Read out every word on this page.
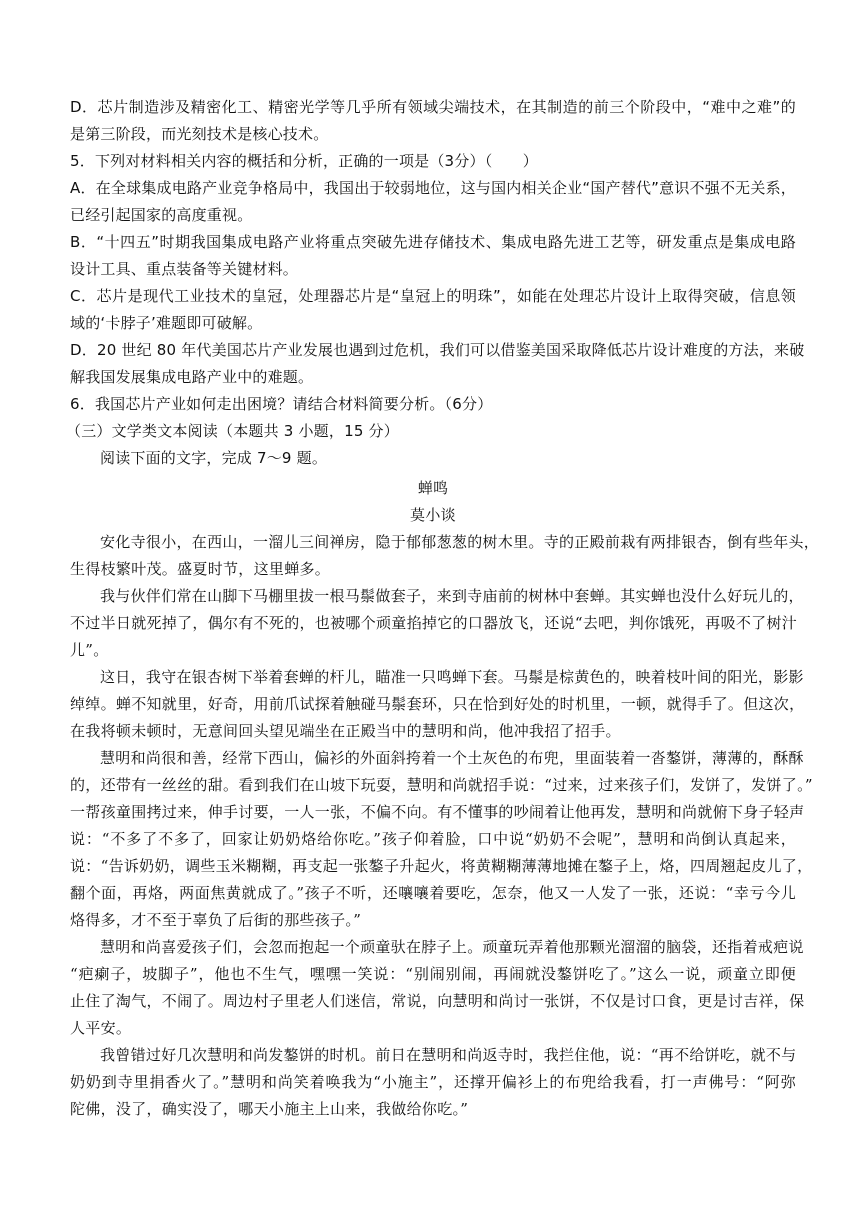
D．芯片制造涉及精密化工、精密光学等几乎所有领域尖端技术，在其制造的前三个阶段中，“难中之难”的
是第三阶段，而光刻技术是核心技术。
5．下列对材料相关内容的概括和分析，正确的一项是（3分）（　　）
A．在全球集成电路产业竞争格局中，我国出于较弱地位，这与国内相关企业“国产替代”意识不强不无关系，
已经引起国家的高度重视。
B．“十四五”时期我国集成电路产业将重点突破先进存储技术、集成电路先进工艺等，研发重点是集成电路
设计工具、重点装备等关键材料。
C．芯片是现代工业技术的皇冠，处理器芯片是“皇冠上的明珠”，如能在处理芯片设计上取得突破，信息领
域的‘卡脖子’难题即可破解。
D．20 世纪 80 年代美国芯片产业发展也遇到过危机，我们可以借鉴美国采取降低芯片设计难度的方法，来破
解我国发展集成电路产业中的难题。
6．我国芯片产业如何走出困境？请结合材料简要分析。（6分）
（三）文学类文本阅读（本题共 3 小题，15 分）
阅读下面的文字，完成 7～9 题。
蝉鸣
莫小谈
安化寺很小，在西山，一溜儿三间禅房，隐于郁郁葱葱的树木里。寺的正殿前栽有两排银杏，倒有些年头，
生得枝繁叶茂。盛夏时节，这里蝉多。
我与伙伴们常在山脚下马棚里拔一根马鬃做套子，来到寺庙前的树林中套蝉。其实蝉也没什么好玩儿的，
不过半日就死掉了，偶尔有不死的，也被哪个顽童掐掉它的口器放飞，还说“去吧，判你饿死，再吸不了树汁
儿”。
这日，我守在银杏树下举着套蝉的杆儿，瞄准一只鸣蝉下套。马鬃是棕黄色的，映着枝叶间的阳光，影影
绰绰。蝉不知就里，好奇，用前爪试探着触碰马鬃套环，只在恰到好处的时机里，一顿，就得手了。但这次，
在我将顿未顿时，无意间回头望见端坐在正殿当中的慧明和尚，他冲我招了招手。
慧明和尚很和善，经常下西山，偏衫的外面斜挎着一个土灰色的布兜，里面装着一沓鏊饼，薄薄的，酥酥
的，还带有一丝丝的甜。看到我们在山坡下玩耍，慧明和尚就招手说：“过来，过来孩子们，发饼了，发饼了。”
一帮孩童围拷过来，伸手讨要，一人一张，不偏不向。有不懂事的吵闹着让他再发，慧明和尚就俯下身子轻声
说：“不多了不多了，回家让奶奶烙给你吃。”孩子仰着脸，口中说“奶奶不会呢”，慧明和尚倒认真起来，
说：“告诉奶奶，调些玉米糊糊，再支起一张鏊子升起火，将黄糊糊薄薄地摊在鏊子上，烙，四周翘起皮儿了，
翻个面，再烙，两面焦黄就成了。”孩子不听，还嚷嚷着要吃，怎奈，他又一人发了一张，还说：“幸亏今儿
烙得多，才不至于辜负了后街的那些孩子。”
慧明和尚喜爱孩子们，会忽而抱起一个顽童驮在脖子上。顽童玩弄着他那颗光溜溜的脑袋，还指着戒疤说
“疤瘌子，坡脚子”，他也不生气，嘿嘿一笑说：“别闹别闹，再闹就没鏊饼吃了。”这么一说，顽童立即便
止住了淘气，不闹了。周边村子里老人们迷信，常说，向慧明和尚讨一张饼，不仅是讨口食，更是讨吉祥，保
人平安。
我曾错过好几次慧明和尚发鏊饼的时机。前日在慧明和尚返寺时，我拦住他，说：“再不给饼吃，就不与
奶奶到寺里捐香火了。”慧明和尚笑着唤我为“小施主”，还撑开偏衫上的布兜给我看，打一声佛号：“阿弥
陀佛，没了，确实没了，哪天小施主上山来，我做给你吃。”
